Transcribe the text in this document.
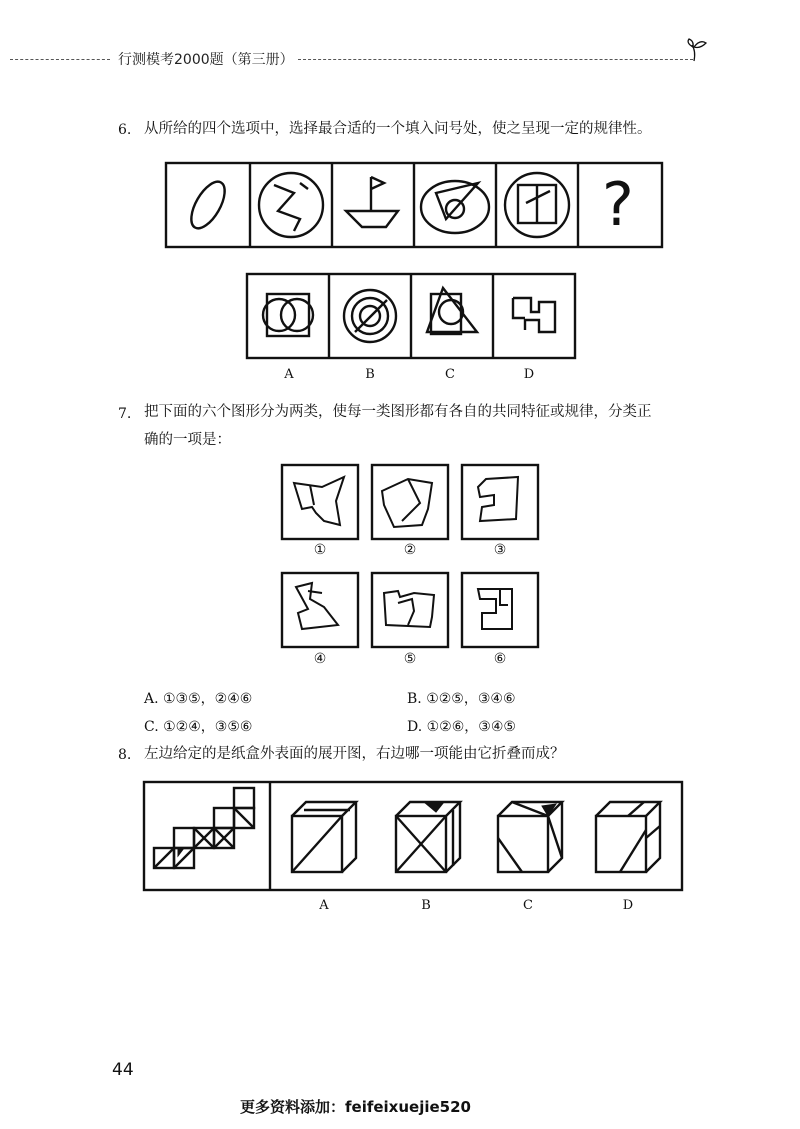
行测模考2000题（第三册）
6. 从所给的四个选项中，选择最合适的一个填入问号处，使之呈现一定的规律性。
?
A	B	C	D
7. 把下面的六个图形分为两类，使每一类图形都有各自的共同特征或规律，分类正
确的一项是：
①	②	③
④	⑤	⑥
A. ①③⑤，②④⑥	B. ①②⑤，③④⑥
C. ①②④，③⑤⑥	D. ①②⑥，③④⑤
8. 左边给定的是纸盒外表面的展开图，右边哪一项能由它折叠而成？
A	B	C	D
44
更多资料添加：feifeixuejie520
